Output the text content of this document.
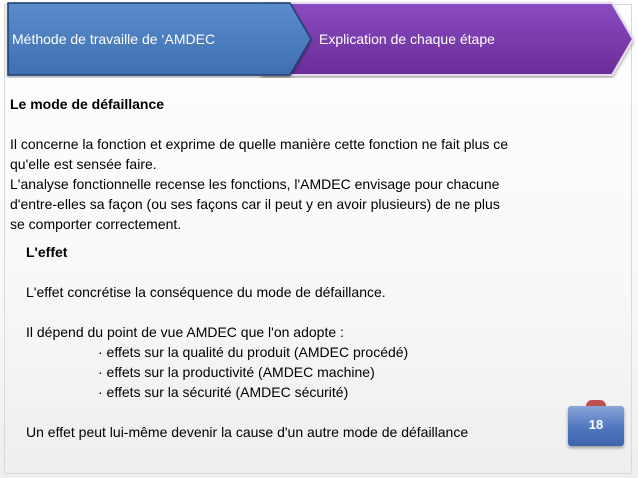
Méthode de travaille de ‘AMDEC	Explication de chaque étape
Le mode de défaillance
Il concerne la fonction et exprime de quelle manière cette fonction ne fait plus ce
qu'elle est sensée faire.
L'analyse fonctionnelle recense les fonctions, l'AMDEC envisage pour chacune
d'entre-elles sa façon (ou ses façons car il peut y en avoir plusieurs) de ne plus
se comporter correctement.
L'effet
L'effet concrétise la conséquence du mode de défaillance.
Il dépend du point de vue AMDEC que l'on adopte :
· effets sur la qualité du produit (AMDEC procédé)
· effets sur la productivité (AMDEC machine)
· effets sur la sécurité (AMDEC sécurité)
Un effet peut lui-même devenir la cause d'un autre mode de défaillance	18
